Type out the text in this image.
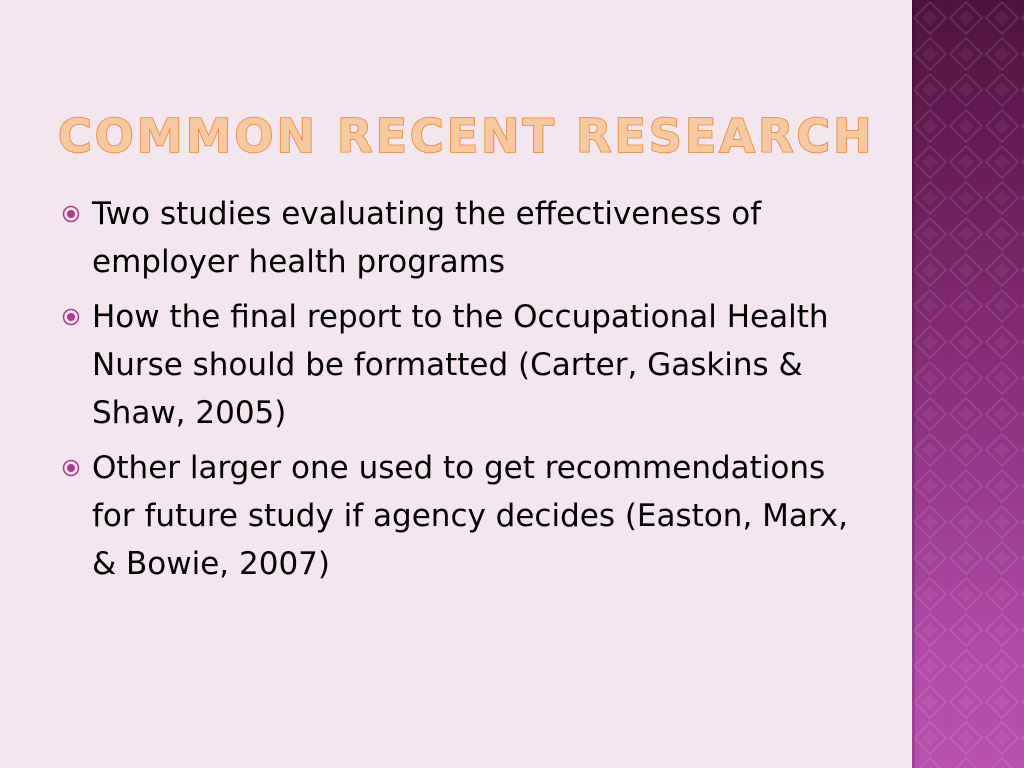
COMMON RECENT RESEARCH
Two studies evaluating the effectiveness of employer health programs
How the final report to the Occupational Health Nurse should be formatted (Carter, Gaskins & Shaw, 2005)
Other larger one used to get recommendations for future study if agency decides (Easton, Marx, & Bowie, 2007)
